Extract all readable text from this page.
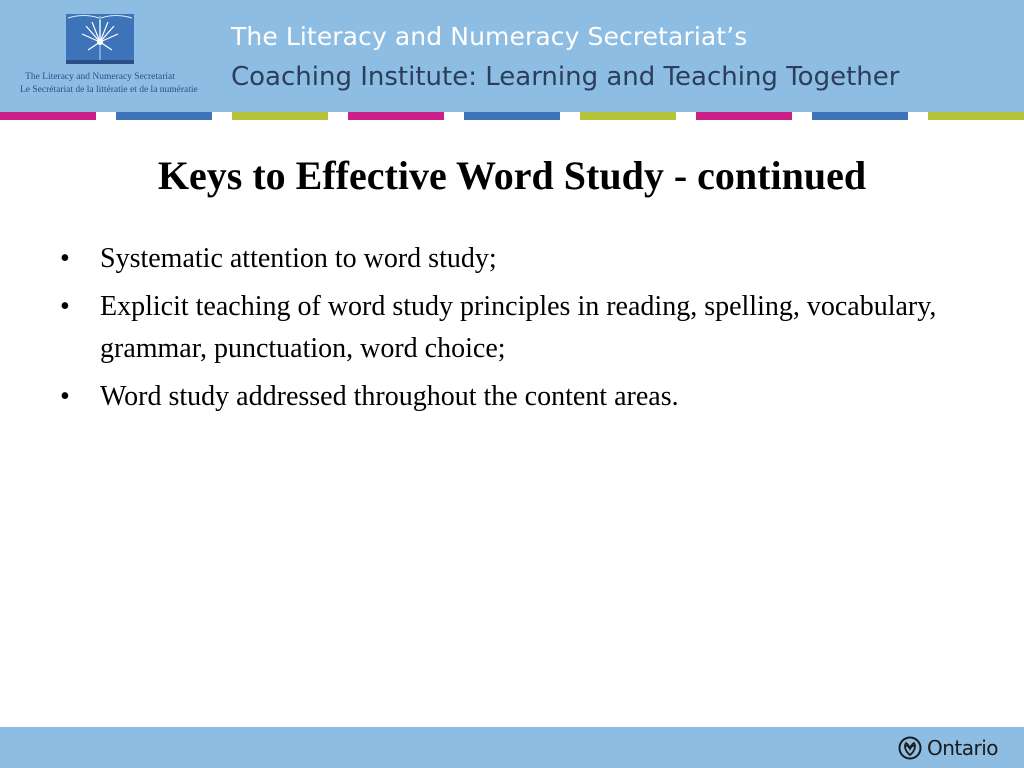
The Literacy and Numeracy Secretariat
Le Secrétariat de la littératie et de la numératie
The Literacy and Numeracy Secretariat’s
Coaching Institute: Learning and Teaching Together
Keys to Effective Word Study - continued
• Systematic attention to word study;
• Explicit teaching of word study principles in reading, spelling, vocabulary, grammar, punctuation, word choice;
• Word study addressed throughout the content areas.
Ontario
